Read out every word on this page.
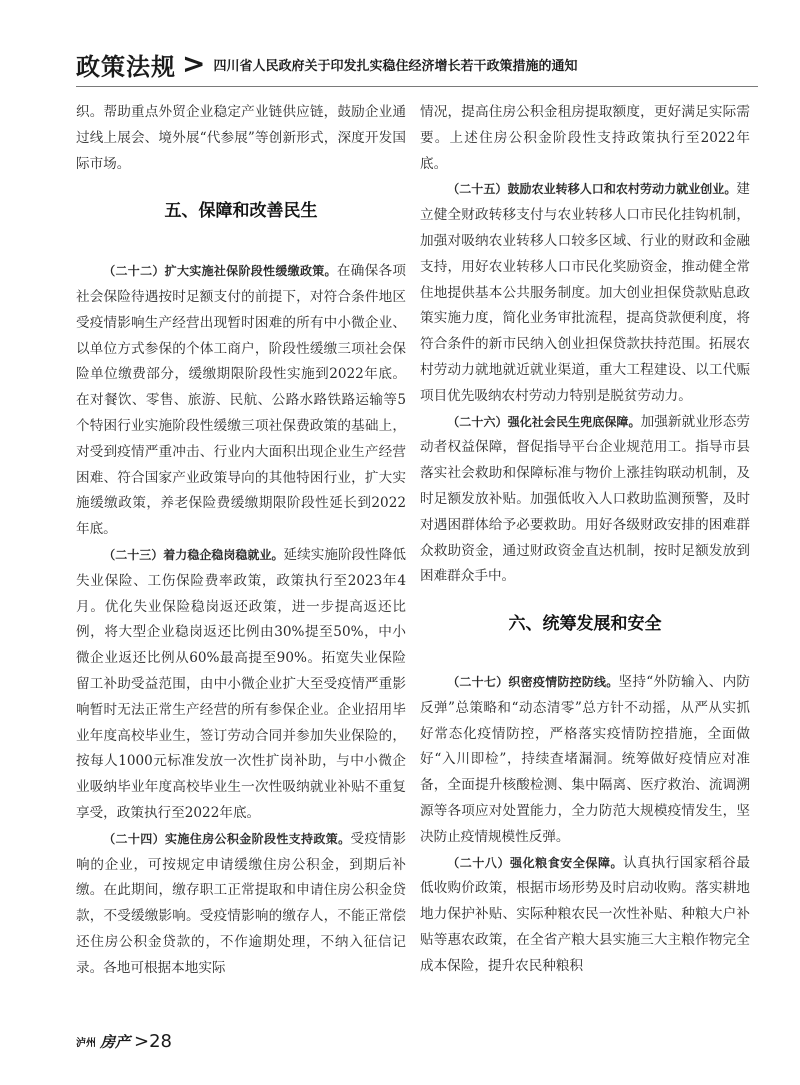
政策法规 > 四川省人民政府关于印发扎实稳住经济增长若干政策措施的通知

织。帮助重点外贸企业稳定产业链供应链，鼓励企业通过线上展会、境外展“代参展”等创新形式，深度开发国际市场。

五、保障和改善民生

（二十二）扩大实施社保阶段性缓缴政策。在确保各项社会保险待遇按时足额支付的前提下，对符合条件地区受疫情影响生产经营出现暂时困难的所有中小微企业、以单位方式参保的个体工商户，阶段性缓缴三项社会保险单位缴费部分，缓缴期限阶段性实施到2022年底。在对餐饮、零售、旅游、民航、公路水路铁路运输等5个特困行业实施阶段性缓缴三项社保费政策的基础上，对受到疫情严重冲击、行业内大面积出现企业生产经营困难、符合国家产业政策导向的其他特困行业，扩大实施缓缴政策，养老保险费缓缴期限阶段性延长到2022年底。

（二十三）着力稳企稳岗稳就业。延续实施阶段性降低失业保险、工伤保险费率政策，政策执行至2023年4月。优化失业保险稳岗返还政策，进一步提高返还比例，将大型企业稳岗返还比例由30%提至50%，中小微企业返还比例从60%最高提至90%。拓宽失业保险留工补助受益范围，由中小微企业扩大至受疫情严重影响暂时无法正常生产经营的所有参保企业。企业招用毕业年度高校毕业生，签订劳动合同并参加失业保险的，按每人1000元标准发放一次性扩岗补助，与中小微企业吸纳毕业年度高校毕业生一次性吸纳就业补贴不重复享受，政策执行至2022年底。

（二十四）实施住房公积金阶段性支持政策。受疫情影响的企业，可按规定申请缓缴住房公积金，到期后补缴。在此期间，缴存职工正常提取和申请住房公积金贷款，不受缓缴影响。受疫情影响的缴存人，不能正常偿还住房公积金贷款的，不作逾期处理，不纳入征信记录。各地可根据本地实际

情况，提高住房公积金租房提取额度，更好满足实际需要。上述住房公积金阶段性支持政策执行至2022年底。

（二十五）鼓励农业转移人口和农村劳动力就业创业。建立健全财政转移支付与农业转移人口市民化挂钩机制，加强对吸纳农业转移人口较多区域、行业的财政和金融支持，用好农业转移人口市民化奖励资金，推动健全常住地提供基本公共服务制度。加大创业担保贷款贴息政策实施力度，简化业务审批流程，提高贷款便利度，将符合条件的新市民纳入创业担保贷款扶持范围。拓展农村劳动力就地就近就业渠道，重大工程建设、以工代赈项目优先吸纳农村劳动力特别是脱贫劳动力。

（二十六）强化社会民生兜底保障。加强新就业形态劳动者权益保障，督促指导平台企业规范用工。指导市县落实社会救助和保障标准与物价上涨挂钩联动机制，及时足额发放补贴。加强低收入人口救助监测预警，及时对遇困群体给予必要救助。用好各级财政安排的困难群众救助资金，通过财政资金直达机制，按时足额发放到困难群众手中。

六、统筹发展和安全

（二十七）织密疫情防控防线。坚持“外防输入、内防反弹”总策略和“动态清零”总方针不动摇，从严从实抓好常态化疫情防控，严格落实疫情防控措施，全面做好“入川即检”，持续查堵漏洞。统筹做好疫情应对准备，全面提升核酸检测、集中隔离、医疗救治、流调溯源等各项应对处置能力，全力防范大规模疫情发生，坚决防止疫情规模性反弹。

（二十八）强化粮食安全保障。认真执行国家稻谷最低收购价政策，根据市场形势及时启动收购。落实耕地地力保护补贴、实际种粮农民一次性补贴、种粮大户补贴等惠农政策，在全省产粮大县实施三大主粮作物完全成本保险，提升农民种粮积

泸州 房产 >28
